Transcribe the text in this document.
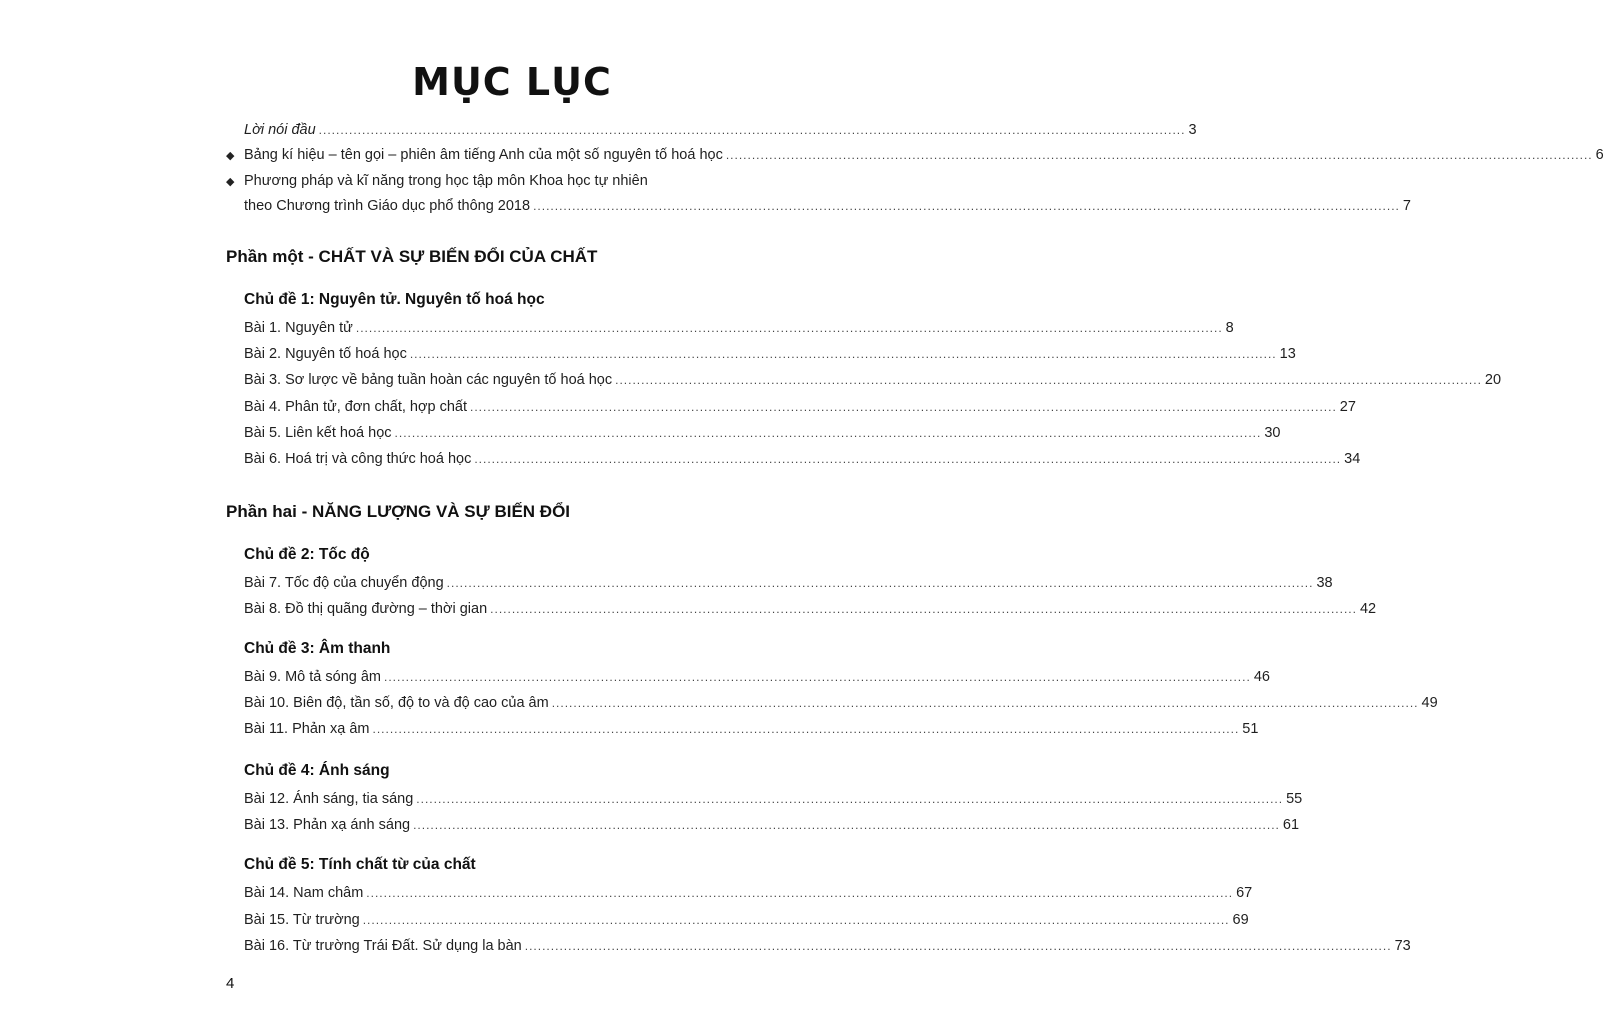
MỤC LỤC
Lời nói đầu ........................................................................................................................................................................................................ 3
◆ Bảng kí hiệu – tên gọi – phiên âm tiếng Anh của một số nguyên tố hoá học ........................................................................................................................................................................................................ 6
◆ Phương pháp và kĩ năng trong học tập môn Khoa học tự nhiên
theo Chương trình Giáo dục phổ thông 2018 ........................................................................................................................................................................................................ 7
Phần một - CHẤT VÀ SỰ BIẾN ĐỔI CỦA CHẤT
Chủ đề 1: Nguyên tử. Nguyên tố hoá học
Bài 1. Nguyên tử ........................................................................................................................................................................................................ 8
Bài 2. Nguyên tố hoá học ........................................................................................................................................................................................................ 13
Bài 3. Sơ lược về bảng tuần hoàn các nguyên tố hoá học ........................................................................................................................................................................................................ 20
Bài 4. Phân tử, đơn chất, hợp chất ........................................................................................................................................................................................................ 27
Bài 5. Liên kết hoá học ........................................................................................................................................................................................................ 30
Bài 6. Hoá trị và công thức hoá học ........................................................................................................................................................................................................ 34
Phần hai - NĂNG LƯỢNG VÀ SỰ BIẾN ĐỔI
Chủ đề 2: Tốc độ
Bài 7. Tốc độ của chuyển động ........................................................................................................................................................................................................ 38
Bài 8. Đồ thị quãng đường – thời gian ........................................................................................................................................................................................................ 42
Chủ đề 3: Âm thanh
Bài 9. Mô tả sóng âm ........................................................................................................................................................................................................ 46
Bài 10. Biên độ, tần số, độ to và độ cao của âm ........................................................................................................................................................................................................ 49
Bài 11. Phản xạ âm ........................................................................................................................................................................................................ 51
Chủ đề 4: Ánh sáng
Bài 12. Ánh sáng, tia sáng ........................................................................................................................................................................................................ 55
Bài 13. Phản xạ ánh sáng ........................................................................................................................................................................................................ 61
Chủ đề 5: Tính chất từ của chất
Bài 14. Nam châm ........................................................................................................................................................................................................ 67
Bài 15. Từ trường ........................................................................................................................................................................................................ 69
Bài 16. Từ trường Trái Đất. Sử dụng la bàn ........................................................................................................................................................................................................ 73
4
